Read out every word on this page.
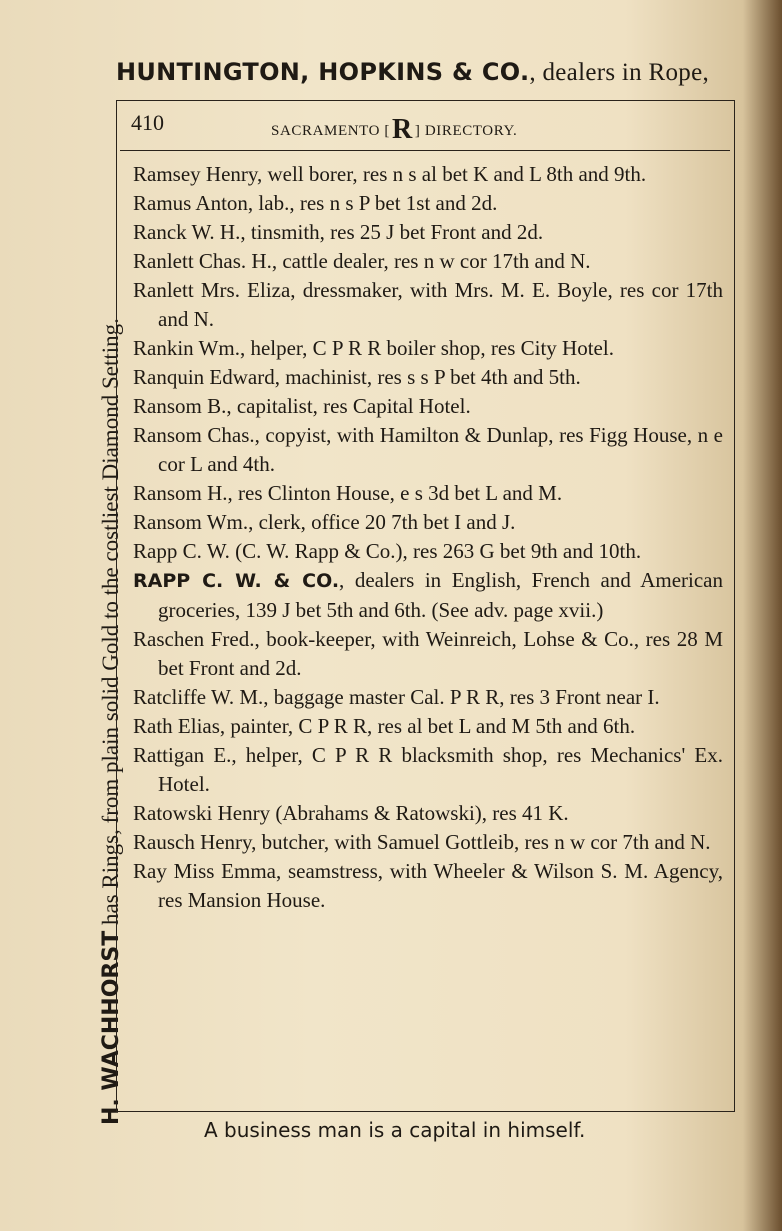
HUNTINGTON, HOPKINS & CO., dealers in Rope,
H. WACHHORST has Rings, from plain solid Gold to the costliest Diamond Setting.
410	SACRAMENTO [R ] DIRECTORY.
Ramsey Henry, well borer, res n s al bet K and L 8th and 9th.
Ramus Anton, lab., res n s P bet 1st and 2d.
Ranck W. H., tinsmith, res 25 J bet Front and 2d.
Ranlett Chas. H., cattle dealer, res n w cor 17th and N.
Ranlett Mrs. Eliza, dressmaker, with Mrs. M. E. Boyle, res cor 17th and N.
Rankin Wm., helper, C P R R boiler shop, res City Hotel.
Ranquin Edward, machinist, res s s P bet 4th and 5th.
Ransom B., capitalist, res Capital Hotel.
Ransom Chas., copyist, with Hamilton & Dunlap, res Figg House, n e cor L and 4th.
Ransom H., res Clinton House, e s 3d bet L and M.
Ransom Wm., clerk, office 20 7th bet I and J.
Rapp C. W. (C. W. Rapp & Co.), res 263 G bet 9th and 10th.
RAPP C. W. & CO., dealers in English, French and American groceries, 139 J bet 5th and 6th. (See adv. page xvii.)
Raschen Fred., book-keeper, with Weinreich, Lohse & Co., res 28 M bet Front and 2d.
Ratcliffe W. M., baggage master Cal. P R R, res 3 Front near I.
Rath Elias, painter, C P R R, res al bet L and M 5th and 6th.
Rattigan E., helper, C P R R blacksmith shop, res Mechanics' Ex. Hotel.
Ratowski Henry (Abrahams & Ratowski), res 41 K.
Rausch Henry, butcher, with Samuel Gottleib, res n w cor 7th and N.
Ray Miss Emma, seamstress, with Wheeler & Wilson S. M. Agency, res Mansion House.
A business man is a capital in himself.
